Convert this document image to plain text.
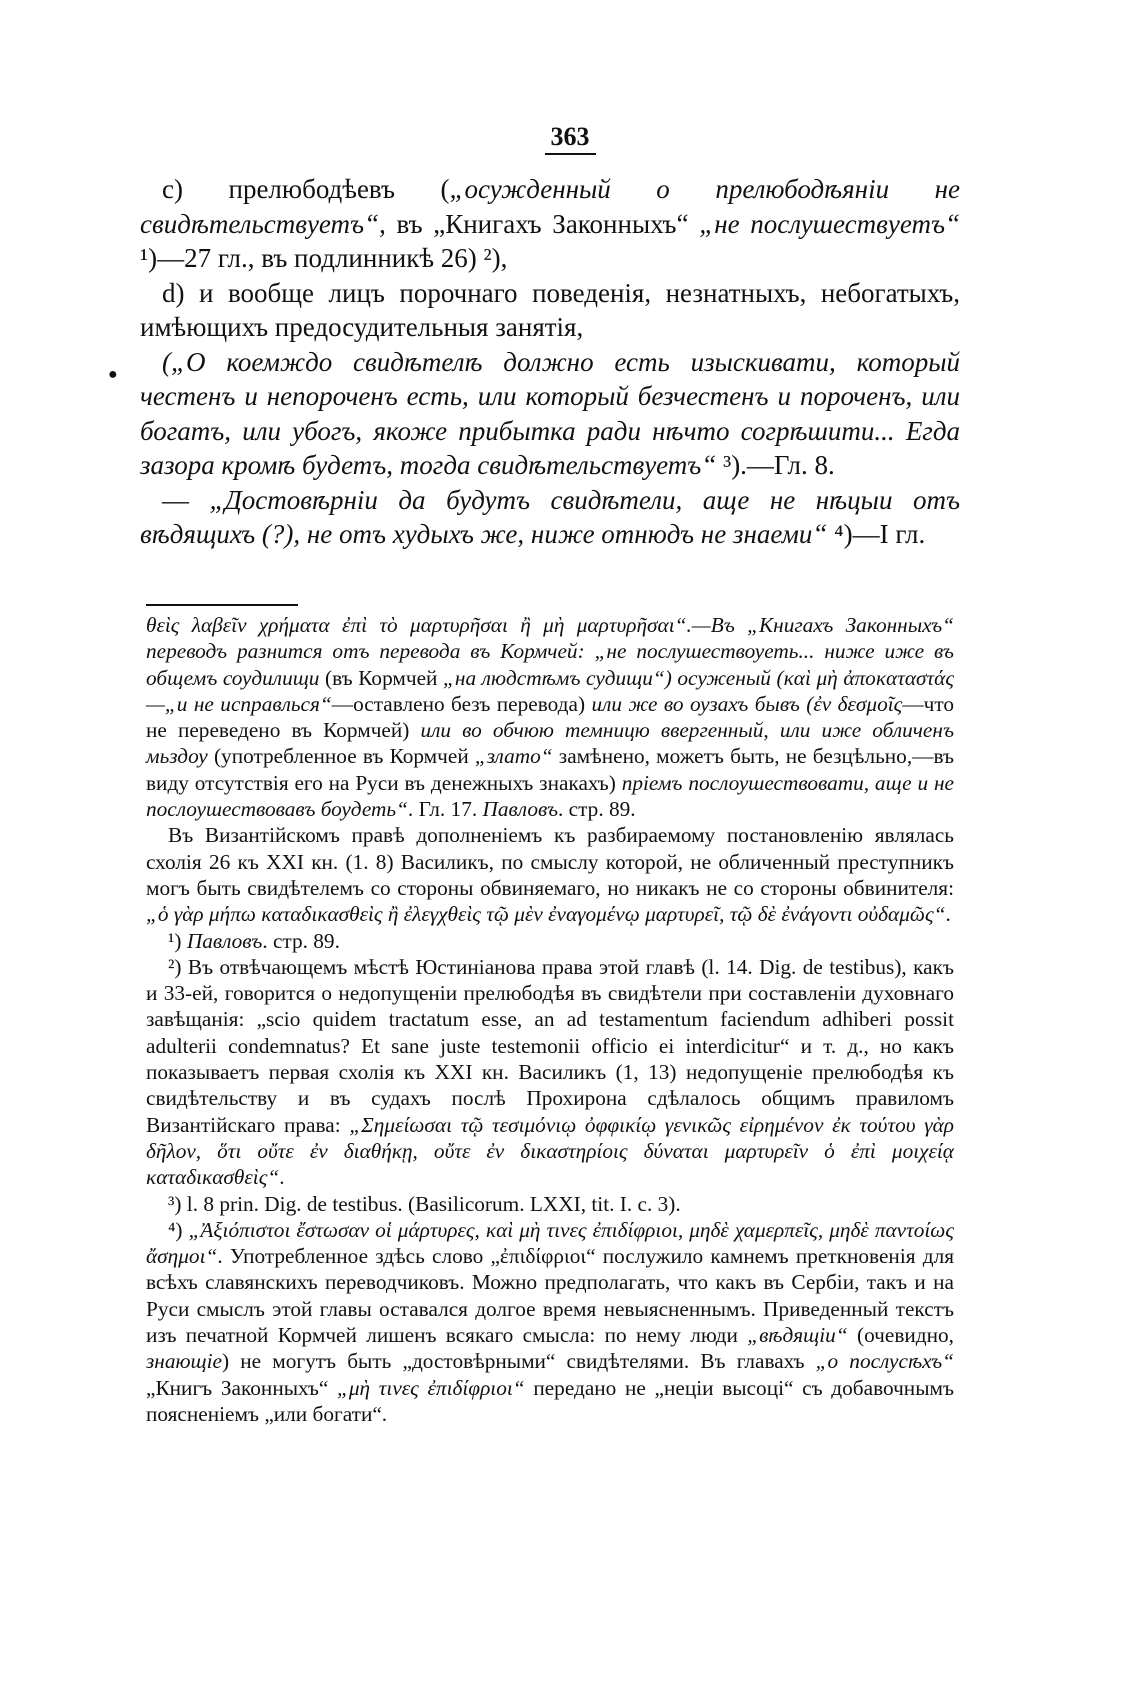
363
●

с) прелюбодѣевъ („осужденный о прелюбодѣяніи не свидѣтельствуетъ“, въ „Книгахъ Законныхъ“ „не послушествуетъ“ ¹)—27 гл., въ подлинникѣ 26) ²),

d) и вообще лицъ порочнаго поведенія, незнатныхъ, небогатыхъ, имѣющихъ предосудительныя занятія,

(„О коемждо свидѣтелѣ должно есть изыскивати, который честенъ и непороченъ есть, или который безчестенъ и пороченъ, или богатъ, или убогъ, якоже прибытка ради нѣчто согрѣшити... Егда зазора кромѣ будетъ, тогда свидѣтельствуетъ“ ³).—Гл. 8.

— „Достовѣрніи да будутъ свидѣтели, аще не нѣцыи отъ вѣдящихъ (?), не отъ худыхъ же, ниже отнюдъ не знаеми“ ⁴)—І гл.

θεὶς λαβεῖν χρήματα ἐπὶ τὸ μαρτυρῆσαι ἢ μὴ μαρτυρῆσαι“.—Въ „Книгахъ Законныхъ“ переводъ разнится отъ перевода въ Кормчей: „не послушествоуеть... ниже иже въ общемъ соудилищи (въ Кормчей „на людстѣмъ судищи“) осуженый (καὶ μὴ ἀποκαταστάς—„и не исправлься“—оставлено безъ перевода) или же во оузахъ бывъ (ἐν δεσμοῖς—что не переведено въ Кормчей) или во обчюю темницю ввергенный, или иже обличенъ мьздоу (употребленное въ Кормчей „злато“ замѣнено, можетъ быть, не безцѣльно,—въ виду отсутствія его на Руси въ денежныхъ знакахъ) пріемъ послоушествовати, аще и не послоушествовавъ боудеть“. Гл. 17. Павловъ. стр. 89.

Въ Византійскомъ правѣ дополненіемъ къ разбираемому постановленію являлась схолія 26 къ XXI кн. (1. 8) Василикъ, по смыслу которой, не обличенный преступникъ могъ быть свидѣтелемъ со стороны обвиняемаго, но никакъ не со стороны обвинителя: „ὁ γὰρ μήπω καταδικασθεὶς ἢ ἐλεγχθεὶς τῷ μὲν ἐναγομένῳ μαρτυρεῖ, τῷ δὲ ἐνάγοντι οὐδαμῶς“.

¹) Павловъ. стр. 89.

²) Въ отвѣчающемъ мѣстѣ Юстиніанова права этой главѣ (l. 14. Dig. de testibus), какъ и 33-ей, говорится о недопущеніи прелюбодѣя въ свидѣтели при составленіи духовнаго завѣщанія: „scio quidem tractatum esse, an ad testamentum faciendum adhiberi possit adulterii condemnatus? Et sane juste testemonii officio ei interdicitur“ и т. д., но какъ показываетъ первая схолія къ XXI кн. Василикъ (1, 13) недопущеніе прелюбодѣя къ свидѣтельству и въ судахъ послѣ Прохирона сдѣлалось общимъ правиломъ Византійскаго права: „Σημείωσαι τῷ τεσιμόνιῳ ὀφφικίῳ γενικῶς εἰρημένον ἐκ τούτου γὰρ δῆλον, ὅτι οὔτε ἐν διαθήκῃ, οὔτε ἐν δικαστηρίοις δύναται μαρτυρεῖν ὁ ἐπὶ μοιχείᾳ καταδικασθεὶς“.

³) l. 8 prin. Dig. de testibus. (Basilicorum. LXXI, tit. I. c. 3).

⁴) „Ἀξιόπιστοι ἔστωσαν οἱ μάρτυρες, καὶ μὴ τινες ἐπιδίφριοι, μηδὲ χαμερπεῖς, μηδὲ παντοίως ἄσημοι“. Употребленное здѣсь слово „ἐπιδίφριοι“ послужило камнемъ преткновенія для всѣхъ славянскихъ переводчиковъ. Можно предполагать, что какъ въ Сербіи, такъ и на Руси смыслъ этой главы оставался долгое время невыясненнымъ. Приведенный текстъ изъ печатной Кормчей лишенъ всякаго смысла: по нему люди „вѣдящіи“ (очевидно, знающіе) не могутъ быть „достовѣрными“ свидѣтелями. Въ главахъ „о послусѣхъ“ „Книгъ Законныхъ“ „μὴ τινες ἐπιδίφριοι“ передано не „нецiи высоцi“ съ добавочнымъ поясненіемъ „или богати“.
